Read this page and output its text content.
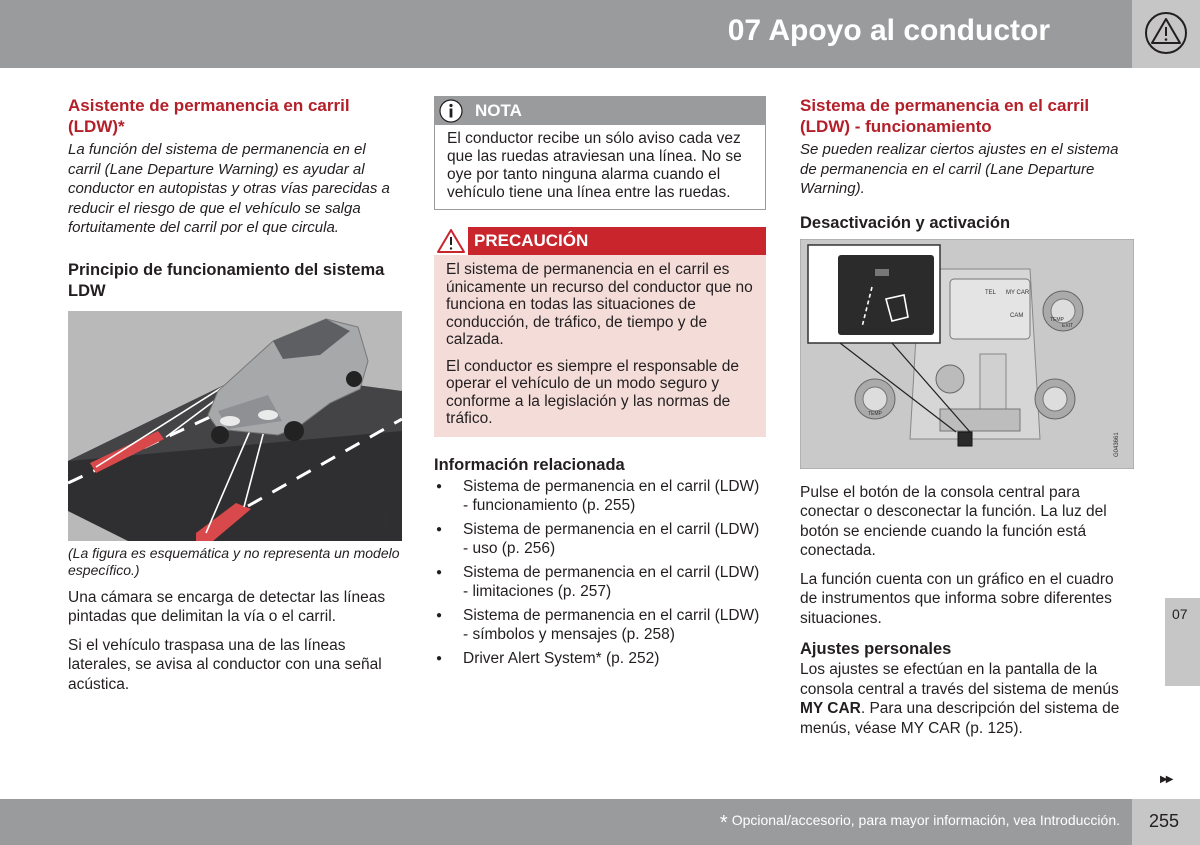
07 Apoyo al conductor
Asistente de permanencia en carril (LDW)*
La función del sistema de permanencia en el carril (Lane Departure Warning) es ayudar al conductor en autopistas y otras vías parecidas a reducir el riesgo de que el vehículo se salga fortuitamente del carril por el que circula.
Principio de funcionamiento del sistema LDW
G046989
(La figura es esquemática y no representa un modelo específico.)
Una cámara se encarga de detectar las líneas pintadas que delimitan la vía o el carril.
Si el vehículo traspasa una de las líneas laterales, se avisa al conductor con una señal acústica.
NOTA
El conductor recibe un sólo aviso cada vez que las ruedas atraviesan una línea. No se oye por tanto ninguna alarma cuando el vehículo tiene una línea entre las ruedas.
PRECAUCIÓN

El sistema de permanencia en el carril es únicamente un recurso del conductor que no funciona en todas las situaciones de conducción, de tráfico, de tiempo y de calzada.

El conductor es siempre el responsable de operar el vehículo de un modo seguro y conforme a la legislación y las normas de tráfico.

Información relacionada
● Sistema de permanencia en el carril (LDW) - funcionamiento (p. 255)
● Sistema de permanencia en el carril (LDW) - uso (p. 256)
● Sistema de permanencia en el carril (LDW) - limitaciones (p. 257)
● Sistema de permanencia en el carril (LDW) - símbolos y mensajes (p. 258)
● Driver Alert System* (p. 252)
Sistema de permanencia en el carril (LDW) - funcionamiento
Se pueden realizar ciertos ajustes en el sistema de permanencia en el carril (Lane Departure Warning).
Desactivación y activación
TEL MY CAR
CAM
TEMP
EXIT
TEMP
G043661
Pulse el botón de la consola central para conectar o desconectar la función. La luz del botón se enciende cuando la función está conectada.
La función cuenta con un gráfico en el cuadro de instrumentos que informa sobre diferentes situaciones.
Ajustes personales
Los ajustes se efectúan en la pantalla de la consola central a través del sistema de menús MY CAR. Para una descripción del sistema de menús, véase MY CAR (p. 125).
07
▶▶
* Opcional/accesorio, para mayor información, vea Introducción. 255
